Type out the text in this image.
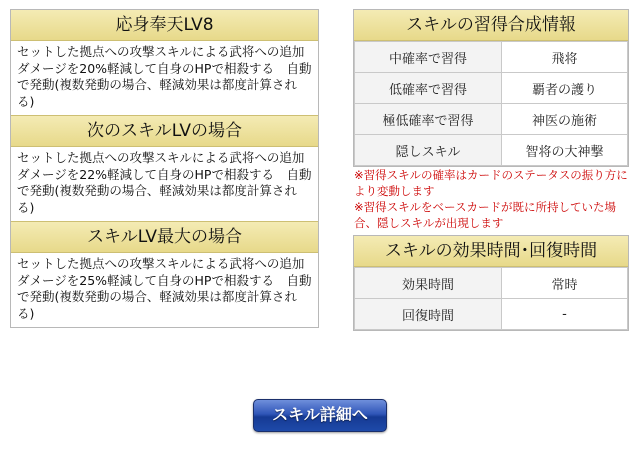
応身奉天LV8
セットした拠点への攻撃スキルによる武将への追加ダメージを20%軽減して自身のHPで相殺する　自動で発動(複数発動の場合、軽減効果は都度計算される)
次のスキルLVの場合
セットした拠点への攻撃スキルによる武将への追加ダメージを22%軽減して自身のHPで相殺する　自動で発動(複数発動の場合、軽減効果は都度計算される)
スキルLV最大の場合
セットした拠点への攻撃スキルによる武将への追加ダメージを25%軽減して自身のHPで相殺する　自動で発動(複数発動の場合、軽減効果は都度計算される)
スキルの習得合成情報
中確率で習得	飛将
低確率で習得	覇者の護り
極低確率で習得	神医の施術
隠しスキル	智将の大神撃
※習得スキルの確率はカードのステータスの振り方により変動します
※習得スキルをベースカードが既に所持していた場合、隠しスキルが出現します
スキルの効果時間･回復時間
効果時間	常時
回復時間	-
スキル詳細へ
